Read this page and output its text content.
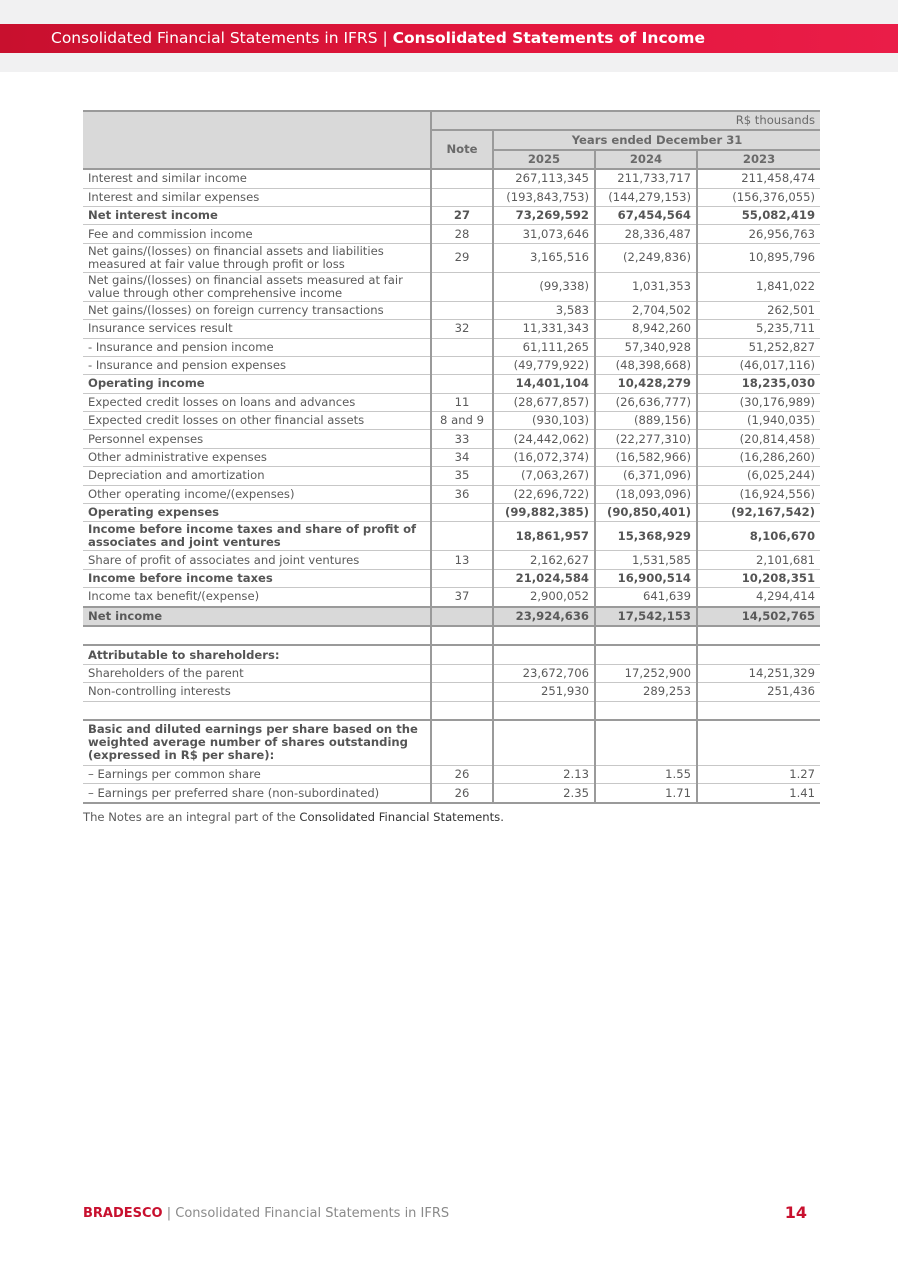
Consolidated Financial Statements in IFRS | Consolidated Statements of Income
	R$ thousands			
	Note	Years ended December 31		
		2025	2024	2023
Interest and similar income		267,113,345	211,733,717	211,458,474
Interest and similar expenses		(193,843,753)	(144,279,153)	(156,376,055)
Net interest income	27	73,269,592	67,454,564	55,082,419
Fee and commission income	28	31,073,646	28,336,487	26,956,763
Net gains/(losses) on financial assets and liabilities measured at fair value through profit or loss	29	3,165,516	(2,249,836)	10,895,796
Net gains/(losses) on financial assets measured at fair value through other comprehensive income		(99,338)	1,031,353	1,841,022
Net gains/(losses) on foreign currency transactions		3,583	2,704,502	262,501
Insurance services result	32	11,331,343	8,942,260	5,235,711
- Insurance and pension income		61,111,265	57,340,928	51,252,827
- Insurance and pension expenses		(49,779,922)	(48,398,668)	(46,017,116)
Operating income		14,401,104	10,428,279	18,235,030
Expected credit losses on loans and advances	11	(28,677,857)	(26,636,777)	(30,176,989)
Expected credit losses on other financial assets	8 and 9	(930,103)	(889,156)	(1,940,035)
Personnel expenses	33	(24,442,062)	(22,277,310)	(20,814,458)
Other administrative expenses	34	(16,072,374)	(16,582,966)	(16,286,260)
Depreciation and amortization	35	(7,063,267)	(6,371,096)	(6,025,244)
Other operating income/(expenses)	36	(22,696,722)	(18,093,096)	(16,924,556)
Operating expenses		(99,882,385)	(90,850,401)	(92,167,542)
Income before income taxes and share of profit of associates and joint ventures		18,861,957	15,368,929	8,106,670
Share of profit of associates and joint ventures	13	2,162,627	1,531,585	2,101,681
Income before income taxes		21,024,584	16,900,514	10,208,351
Income tax benefit/(expense)	37	2,900,052	641,639	4,294,414
Net income		23,924,636	17,542,153	14,502,765

Attributable to shareholders:				
Shareholders of the parent		23,672,706	17,252,900	14,251,329
Non-controlling interests		251,930	289,253	251,436

Basic and diluted earnings per share based on the weighted average number of shares outstanding (expressed in R$ per share):				
– Earnings per common share	26	2.13	1.55	1.27
– Earnings per preferred share (non-subordinated)	26	2.35	1.71	1.41
The Notes are an integral part of the Consolidated Financial Statements.
BRADESCO | Consolidated Financial Statements in IFRS	14
